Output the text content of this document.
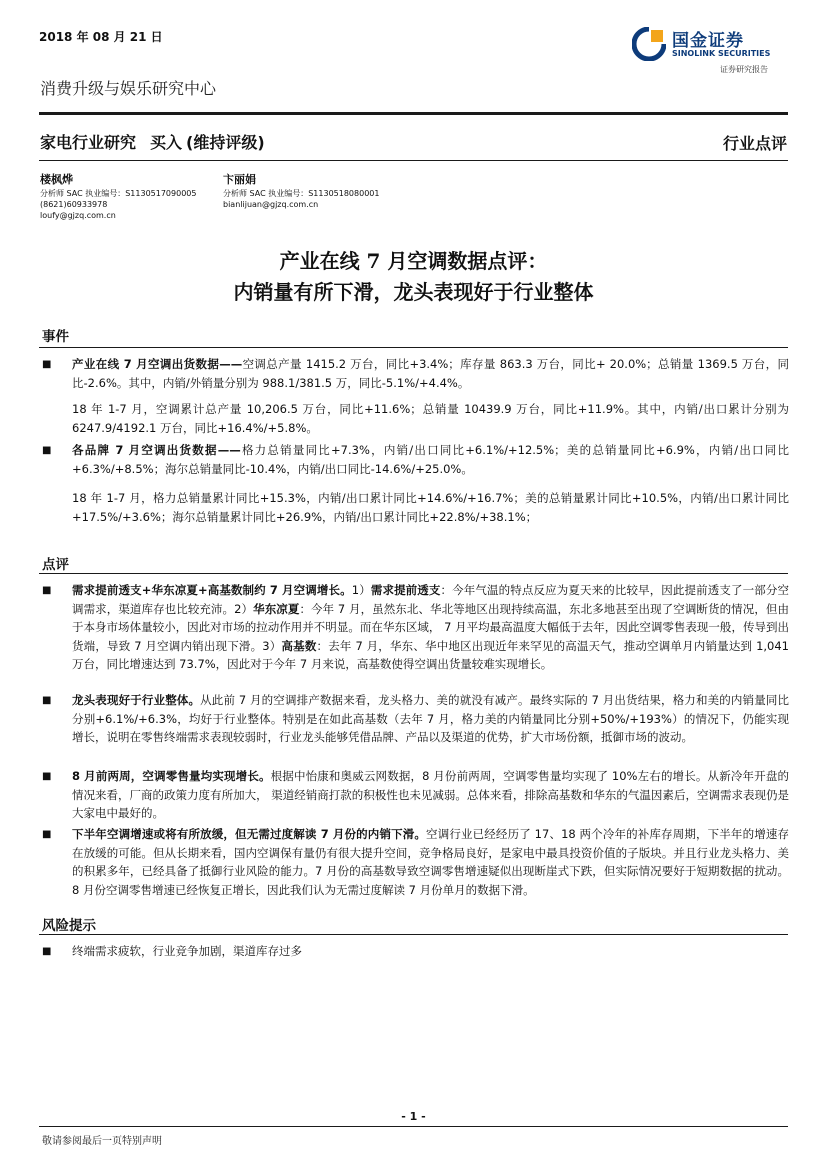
2018 年 08 月 21 日	国金证券
SINOLINK SECURITIES
证券研究报告
消费升级与娱乐研究中心
家电行业研究 买入 (维持评级)	行业点评
楼枫烨
分析师 SAC 执业编号：S1130517090005
(8621)60933978
loufy@gjzq.com.cn
卞丽娟
分析师 SAC 执业编号：S1130518080001
bianlijuan@gjzq.com.cn
产业在线 7 月空调数据点评：
内销量有所下滑，龙头表现好于行业整体
事件
■ 产业在线 7 月空调出货数据——空调总产量 1415.2 万台，同比+3.4%；库存量 863.3 万台，同比+ 20.0%；总销量 1369.5 万台，同比-2.6%。其中，内销/外销量分别为 988.1/381.5 万，同比-5.1%/+4.4%。
18 年 1-7 月，空调累计总产量 10,206.5 万台，同比+11.6%；总销量 10439.9 万台，同比+11.9%。其中，内销/出口累计分别为 6247.9/4192.1 万台，同比+16.4%/+5.8%。
■ 各品牌 7 月空调出货数据——格力总销量同比+7.3%，内销/出口同比+6.1%/+12.5%；美的总销量同比+6.9%，内销/出口同比+6.3%/+8.5%；海尔总销量同比-10.4%，内销/出口同比-14.6%/+25.0%。
18 年 1-7 月，格力总销量累计同比+15.3%，内销/出口累计同比+14.6%/+16.7%；美的总销量累计同比+10.5%，内销/出口累计同比+17.5%/+3.6%；海尔总销量累计同比+26.9%，内销/出口累计同比+22.8%/+38.1%；
点评
■ 需求提前透支+华东凉夏+高基数制约 7 月空调增长。1）需求提前透支：今年气温的特点反应为夏天来的比较早，因此提前透支了一部分空调需求，渠道库存也比较充沛。2）华东凉夏：今年 7 月，虽然东北、华北等地区出现持续高温，东北多地甚至出现了空调断货的情况，但由于本身市场体量较小，因此对市场的拉动作用并不明显。而在华东区域， 7 月平均最高温度大幅低于去年，因此空调零售表现一般，传导到出货端，导致 7 月空调内销出现下滑。3）高基数：去年 7 月，华东、华中地区出现近年来罕见的高温天气，推动空调单月内销量达到 1,041 万台，同比增速达到 73.7%，因此对于今年 7 月来说，高基数使得空调出货量较难实现增长。
■ 龙头表现好于行业整体。从此前 7 月的空调排产数据来看，龙头格力、美的就没有减产。最终实际的 7 月出货结果，格力和美的内销量同比分别+6.1%/+6.3%，均好于行业整体。特别是在如此高基数（去年 7 月，格力美的内销量同比分别+50%/+193%）的情况下，仍能实现增长，说明在零售终端需求表现较弱时，行业龙头能够凭借品牌、产品以及渠道的优势，扩大市场份额，抵御市场的波动。
■ 8 月前两周，空调零售量均实现增长。根据中怡康和奥威云网数据，8 月份前两周，空调零售量均实现了 10%左右的增长。从新冷年开盘的情况来看，厂商的政策力度有所加大， 渠道经销商打款的积极性也未见减弱。总体来看，排除高基数和华东的气温因素后，空调需求表现仍是大家电中最好的。
■ 下半年空调增速或将有所放缓，但无需过度解读 7 月份的内销下滑。空调行业已经经历了 17、18 两个冷年的补库存周期，下半年的增速存在放缓的可能。但从长期来看，国内空调保有量仍有很大提升空间，竞争格局良好，是家电中最具投资价值的子版块。并且行业龙头格力、美的积累多年，已经具备了抵御行业风险的能力。7 月份的高基数导致空调零售增速疑似出现断崖式下跌，但实际情况要好于短期数据的扰动。8 月份空调零售增速已经恢复正增长，因此我们认为无需过度解读 7 月份单月的数据下滑。
风险提示
■ 终端需求疲软，行业竞争加剧，渠道库存过多
- 1 -
敬请参阅最后一页特别声明
